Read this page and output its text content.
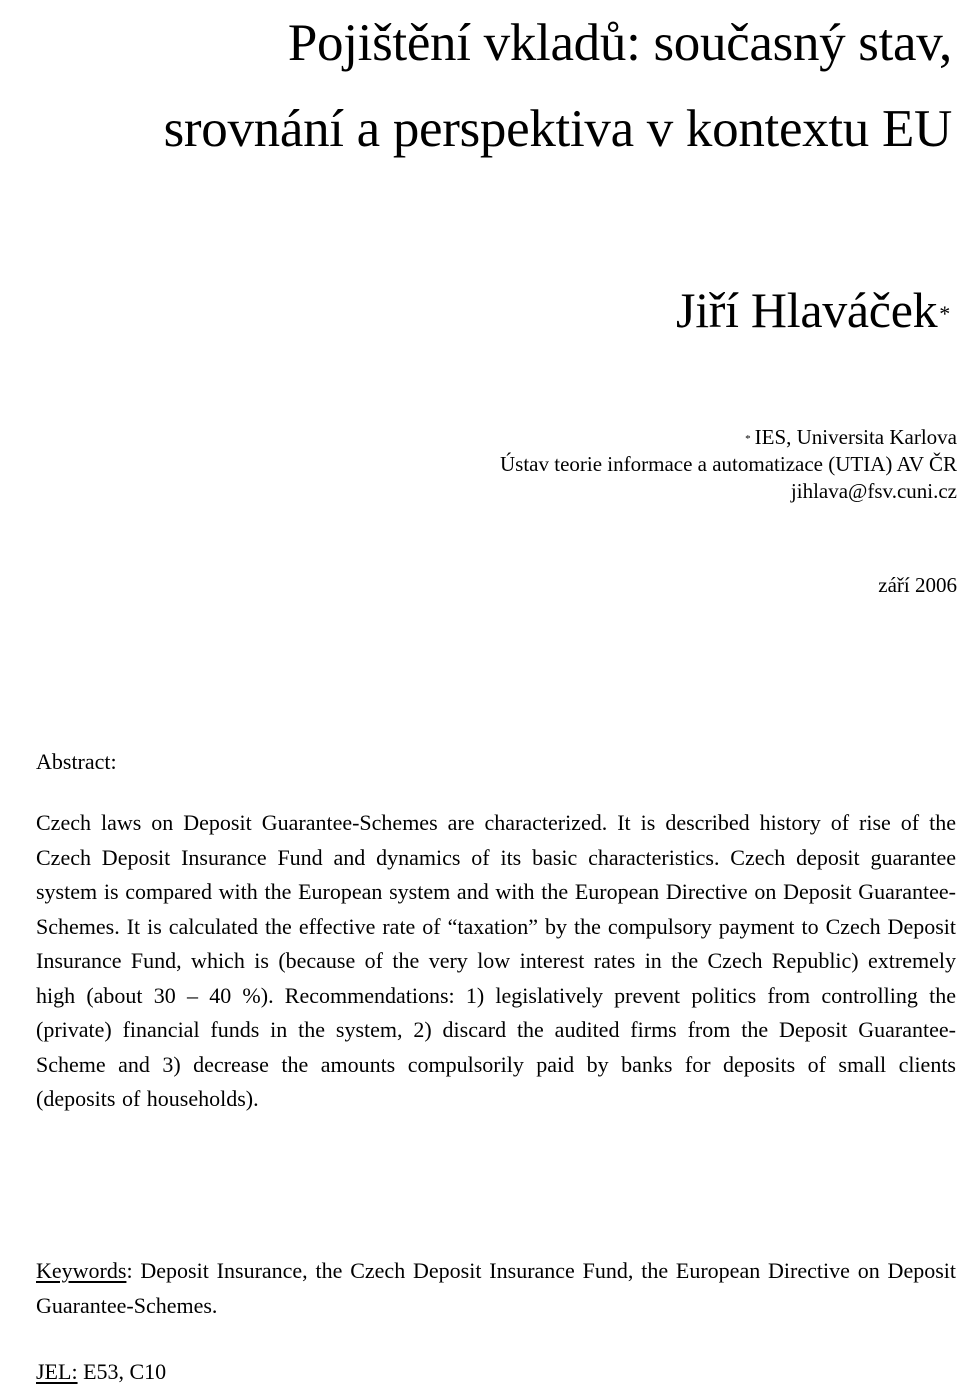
Pojištění vkladů: současný stav,
srovnání a perspektiva v kontextu EU
Jiří Hlaváček*
* IES, Universita Karlova
Ústav teorie informace a automatizace (UTIA) AV ČR
jihlava@fsv.cuni.cz
září 2006
Abstract:
Czech laws on Deposit Guarantee-Schemes are characterized. It is described history of rise of the Czech Deposit Insurance Fund and dynamics of its basic characteristics. Czech deposit guarantee system is compared with the European system and with the European Directive on Deposit Guarantee-Schemes. It is calculated the effective rate of “taxation” by the compulsory payment to Czech Deposit Insurance Fund, which is (because of the very low interest rates in the Czech Republic) extremely high (about 30 – 40 %). Recommendations: 1) legislatively prevent politics from controlling the (private) financial funds in the system, 2) discard the audited firms from the Deposit Guarantee-Scheme and 3) decrease the amounts compulsorily paid by banks for deposits of small clients (deposits of households).
Keywords: Deposit Insurance, the Czech Deposit Insurance Fund, the European Directive on Deposit Guarantee-Schemes.
JEL: E53, C10
